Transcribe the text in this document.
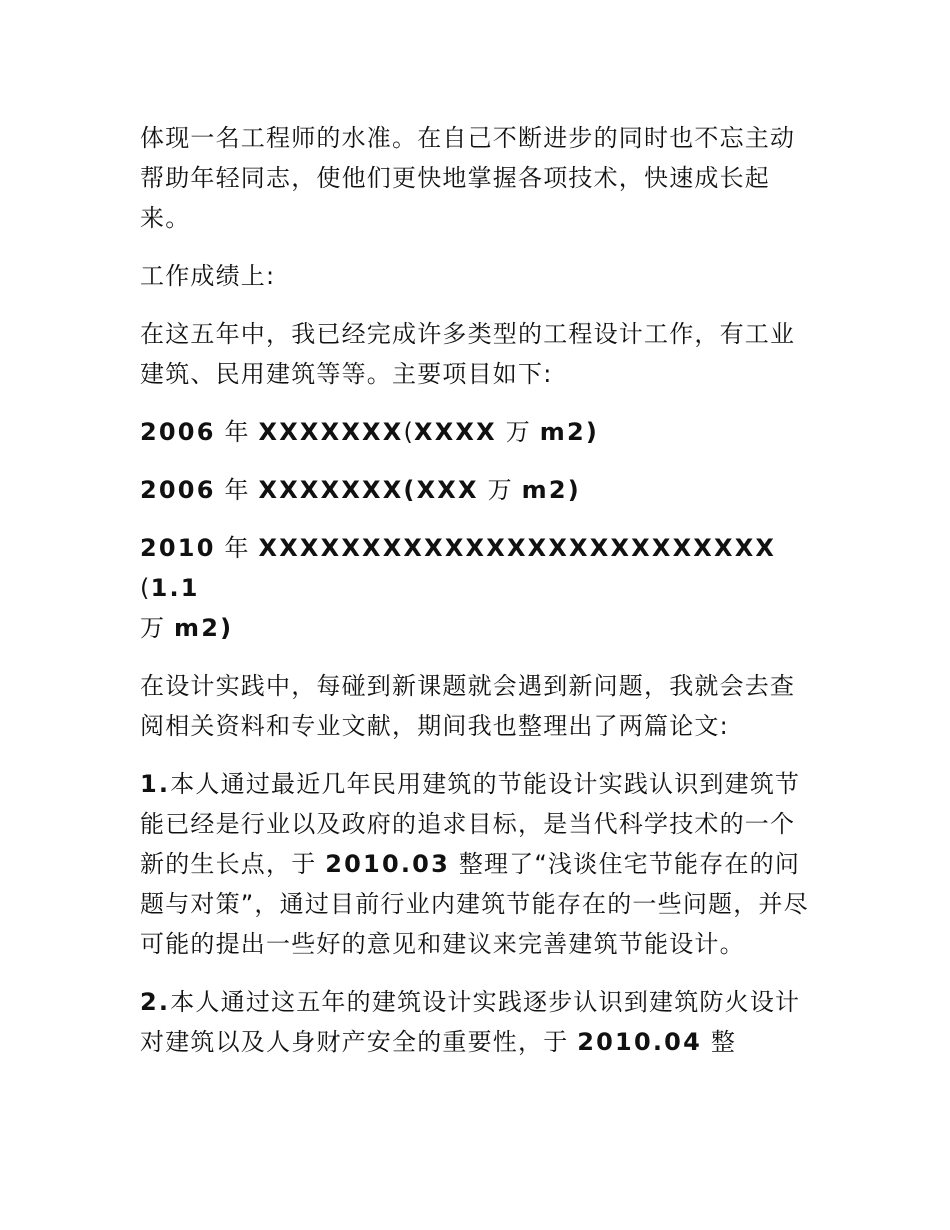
体现一名工程师的水准。在自己不断进步的同时也不忘主动帮助年轻同志，使他们更快地掌握各项技术，快速成长起来。

工作成绩上:

在这五年中，我已经完成许多类型的工程设计工作，有工业建筑、民用建筑等等。主要项目如下:

2006 年 XXXXXXX(XXXX 万 m2)

2006 年 XXXXXXX(XXX 万 m2)

2010 年 XXXXXXXXXXXXXXXXXXXXXXXXX(1.1
万 m2)

在设计实践中，每碰到新课题就会遇到新问题，我就会去查阅相关资料和专业文献，期间我也整理出了两篇论文:

1.本人通过最近几年民用建筑的节能设计实践认识到建筑节能已经是行业以及政府的追求目标，是当代科学技术的一个新的生长点，于 2010.03 整理了“浅谈住宅节能存在的问题与对策”，通过目前行业内建筑节能存在的一些问题，并尽可能的提出一些好的意见和建议来完善建筑节能设计。

2.本人通过这五年的建筑设计实践逐步认识到建筑防火设计对建筑以及人身财产安全的重要性，于 2010.04 整
